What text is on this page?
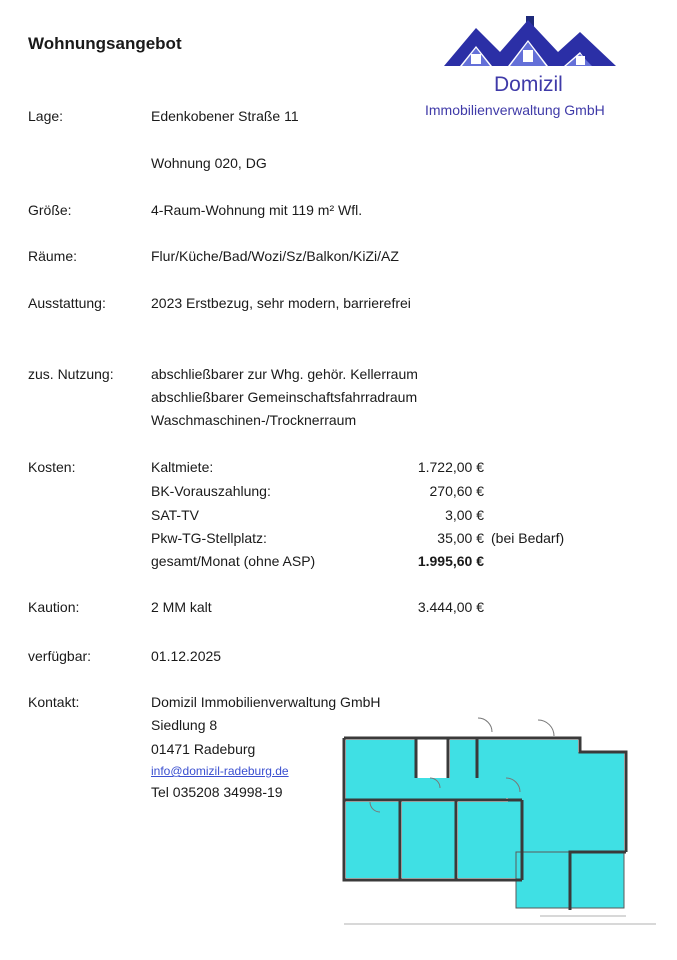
Wohnungsangebot
Domizil
Immobilienverwaltung GmbH
Lage:	Edenkobener Straße 11
Wohnung 020, DG
Größe:	4-Raum-Wohnung mit 119 m² Wfl.
Räume:	Flur/Küche/Bad/Wozi/Sz/Balkon/KiZi/AZ
Ausstattung:	2023 Erstbezug, sehr modern, barrierefrei
zus. Nutzung:	abschließbarer zur Whg. gehör. Kellerraum
abschließbarer Gemeinschaftsfahrradraum
Waschmaschinen-/Trocknerraum
Kosten:	Kaltmiete:	1.722,00 €
BK-Vorauszahlung:	270,60 €
SAT-TV	3,00 €
Pkw-TG-Stellplatz:	35,00 € (bei Bedarf)
gesamt/Monat (ohne ASP)	1.995,60 €
Kaution:	2 MM kalt	3.444,00 €
verfügbar:	01.12.2025
Kontakt:	Domizil Immobilienverwaltung GmbH
Siedlung 8
01471 Radeburg
info@domizil-radeburg.de
Tel 035208 34998-19
